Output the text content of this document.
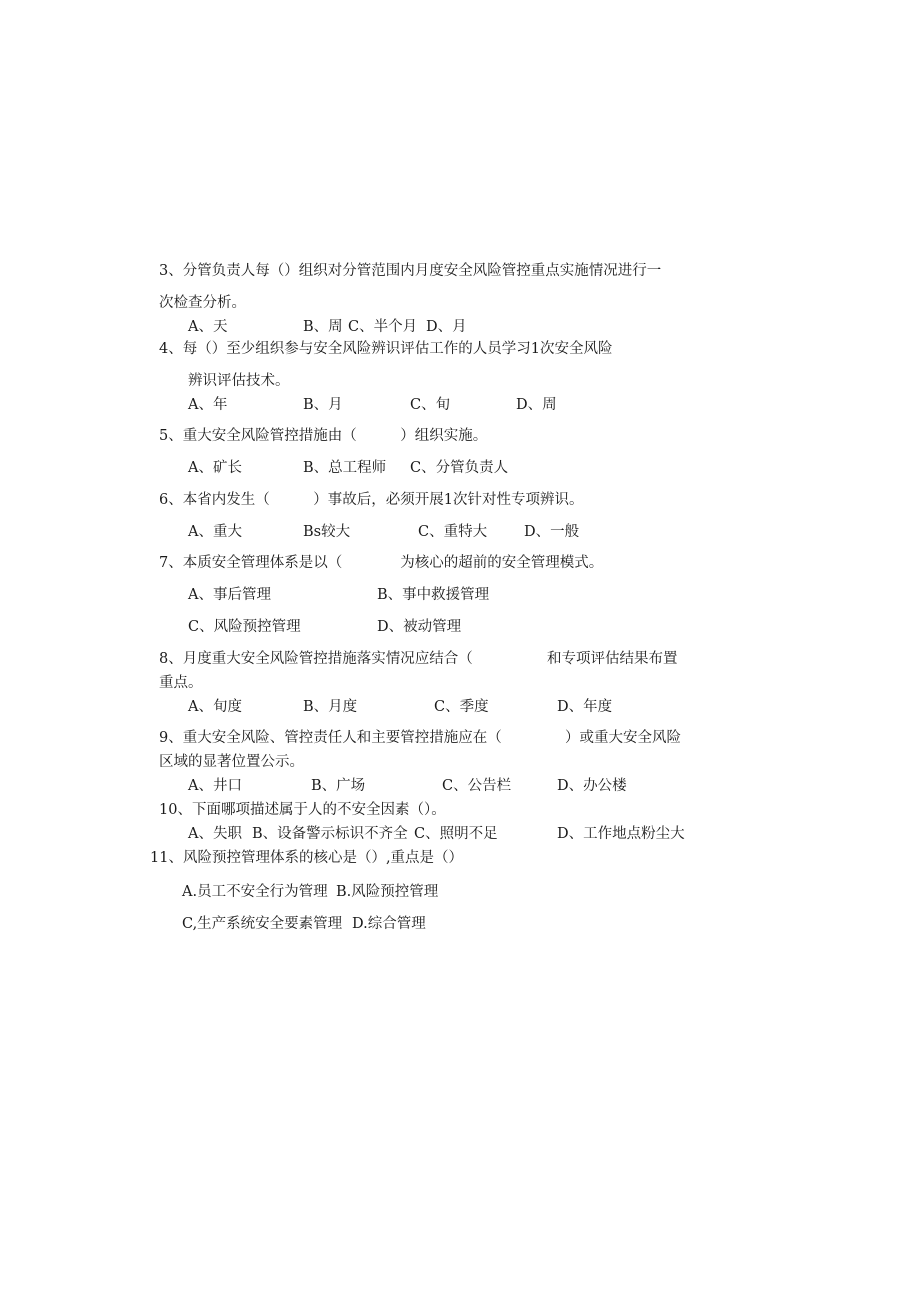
3、分管负责人每（）组织对分管范围内月度安全风险管控重点实施情况进行一
次检查分析。
A、天	B、周 C、半个月 D、月
4、每（）至少组织参与安全风险辨识评估工作的人员学习1次安全风险
辨识评估技术。
A、年	B、月	C、旬	D、周
5、重大安全风险管控措施由（　　　）组织实施。
A、矿长	B、总工程师 C、分管负责人
6、本省内发生（　　　）事故后，必须开展1次针对性专项辨识。
A、重大	Bs较大	C、重特大	D、一般
7、本质安全管理体系是以（　　　　为核心的超前的安全管理模式。
A、事后管理	B、事中救援管理
C、风险预控管理	D、被动管理
8、月度重大安全风险管控措施落实情况应结合（	和专项评估结果布置
重点。
A、旬度	B、月度	C、季度	D、年度
9、重大安全风险、管控责任人和主要管控措施应在（	）或重大安全风险
区域的显著位置公示。
A、井口	B、广场	C、公告栏	D、办公楼
10、下面哪项描述属于人的不安全因素（）。
A、失职 B、设备警示标识不齐全 C、照明不足	D、工作地点粉尘大
11、风险预控管理体系的核心是（）,重点是（）
A.员工不安全行为管理 B.风险预控管理
C,生产系统安全要素管理 D.综合管理
